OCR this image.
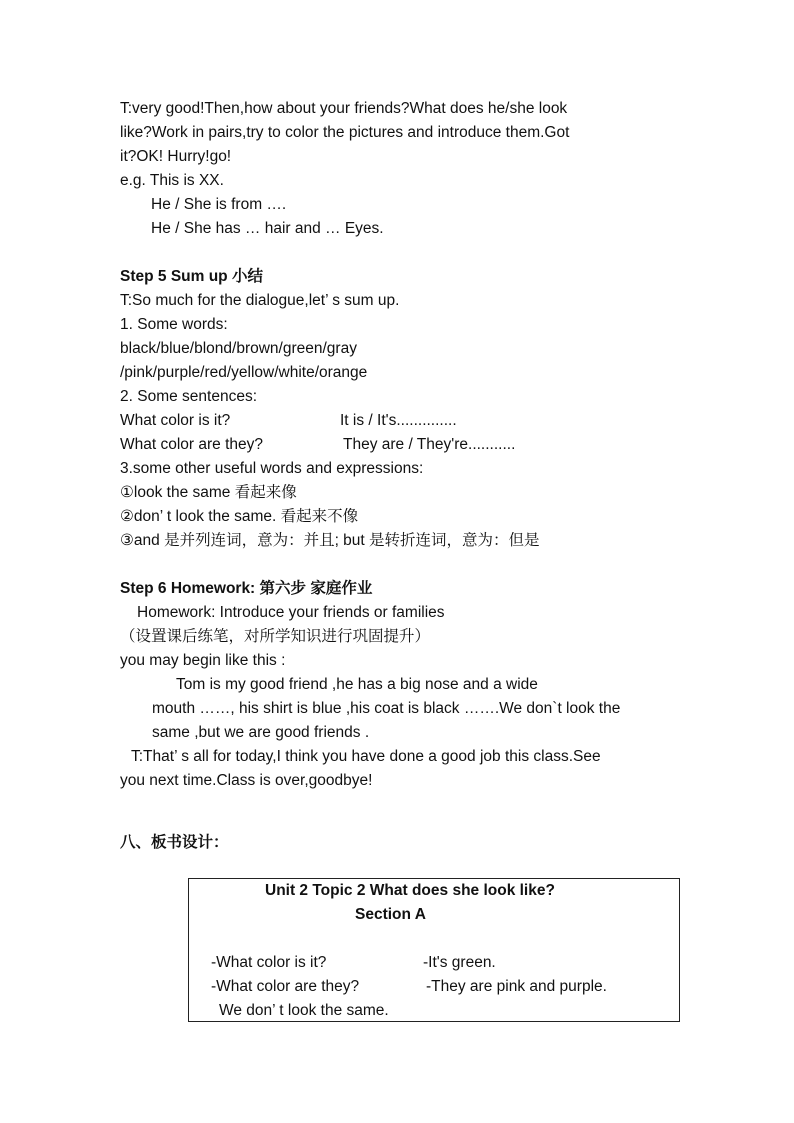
T:very good!Then,how about your friends?What does he/she look
like?Work in pairs,try to color the pictures and introduce them.Got
it?OK! Hurry!go!
e.g. This is XX.
He / She is from ….
He / She has … hair and … Eyes.
Step 5 Sum up 小结
T:So much for the dialogue,let’ s sum up.
1. Some words:
black/blue/blond/brown/green/gray
/pink/purple/red/yellow/white/orange
2. Some sentences:
What color is it?	It is / It's..............
What color are they?	They are / They're...........
3.some other useful words and expressions:
①look the same 看起来像
②don’ t look the same. 看起来不像
③and 是并列连词，意为：并且; but 是转折连词，意为：但是
Step 6 Homework: 第六步 家庭作业
Homework: Introduce your friends or families
（设置课后练笔，对所学知识进行巩固提升）
you may begin like this :
Tom is my good friend ,he has a big nose and a wide
mouth ……, his shirt is blue ,his coat is black …….We don`t look the
same ,but we are good friends .
T:That’ s all for today,I think you have done a good job this class.See
you next time.Class is over,goodbye!
八、板书设计：
Unit 2 Topic 2 What does she look like?
Section A
-What color is it?	-It's green.
-What color are they?	-They are pink and purple.
We don’ t look the same.
